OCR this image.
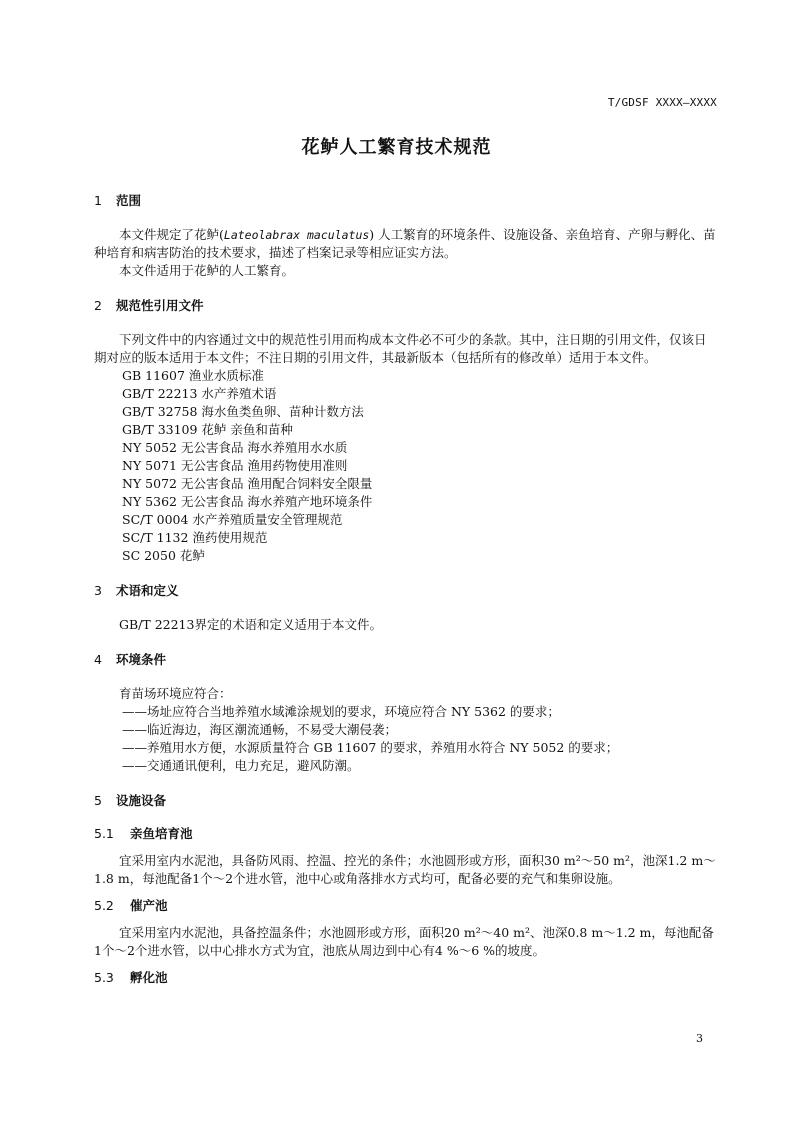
T/GDSF XXXX—XXXX
花鲈人工繁育技术规范
1 范围

本文件规定了花鲈(Lateolabrax maculatus) 人工繁育的环境条件、设施设备、亲鱼培育、产卵与孵化、苗种培育和病害防治的技术要求，描述了档案记录等相应证实方法。

本文件适用于花鲈的人工繁育。

2 规范性引用文件

下列文件中的内容通过文中的规范性引用而构成本文件必不可少的条款。其中，注日期的引用文件，仅该日期对应的版本适用于本文件；不注日期的引用文件，其最新版本（包括所有的修改单）适用于本文件。

GB 11607 渔业水质标准
GB/T 22213 水产养殖术语
GB/T 32758 海水鱼类鱼卵、苗种计数方法
GB/T 33109 花鲈 亲鱼和苗种
NY 5052 无公害食品 海水养殖用水水质
NY 5071 无公害食品 渔用药物使用准则
NY 5072 无公害食品 渔用配合饲料安全限量
NY 5362 无公害食品 海水养殖产地环境条件
SC/T 0004 水产养殖质量安全管理规范
SC/T 1132 渔药使用规范
SC 2050 花鲈
3 术语和定义

GB/T 22213界定的术语和定义适用于本文件。

4 环境条件

育苗场环境应符合：

——场址应符合当地养殖水域滩涂规划的要求，环境应符合 NY 5362 的要求；
——临近海边，海区潮流通畅，不易受大潮侵袭；
——养殖用水方便，水源质量符合 GB 11607 的要求，养殖用水符合 NY 5052 的要求；
——交通通讯便利，电力充足，避风防潮。
5 设施设备
5.1 亲鱼培育池

宜采用室内水泥池，具备防风雨、控温、控光的条件；水池圆形或方形，面积30 m²～50 m²，池深1.2 m～1.8 m，每池配备1个～2个进水管，池中心或角落排水方式均可，配备必要的充气和集卵设施。

5.2 催产池

宜采用室内水泥池，具备控温条件；水池圆形或方形，面积20 m²～40 m²、池深0.8 m～1.2 m，每池配备1个～2个进水管，以中心排水方式为宜，池底从周边到中心有4 %～6 %的坡度。

5.3 孵化池
3
